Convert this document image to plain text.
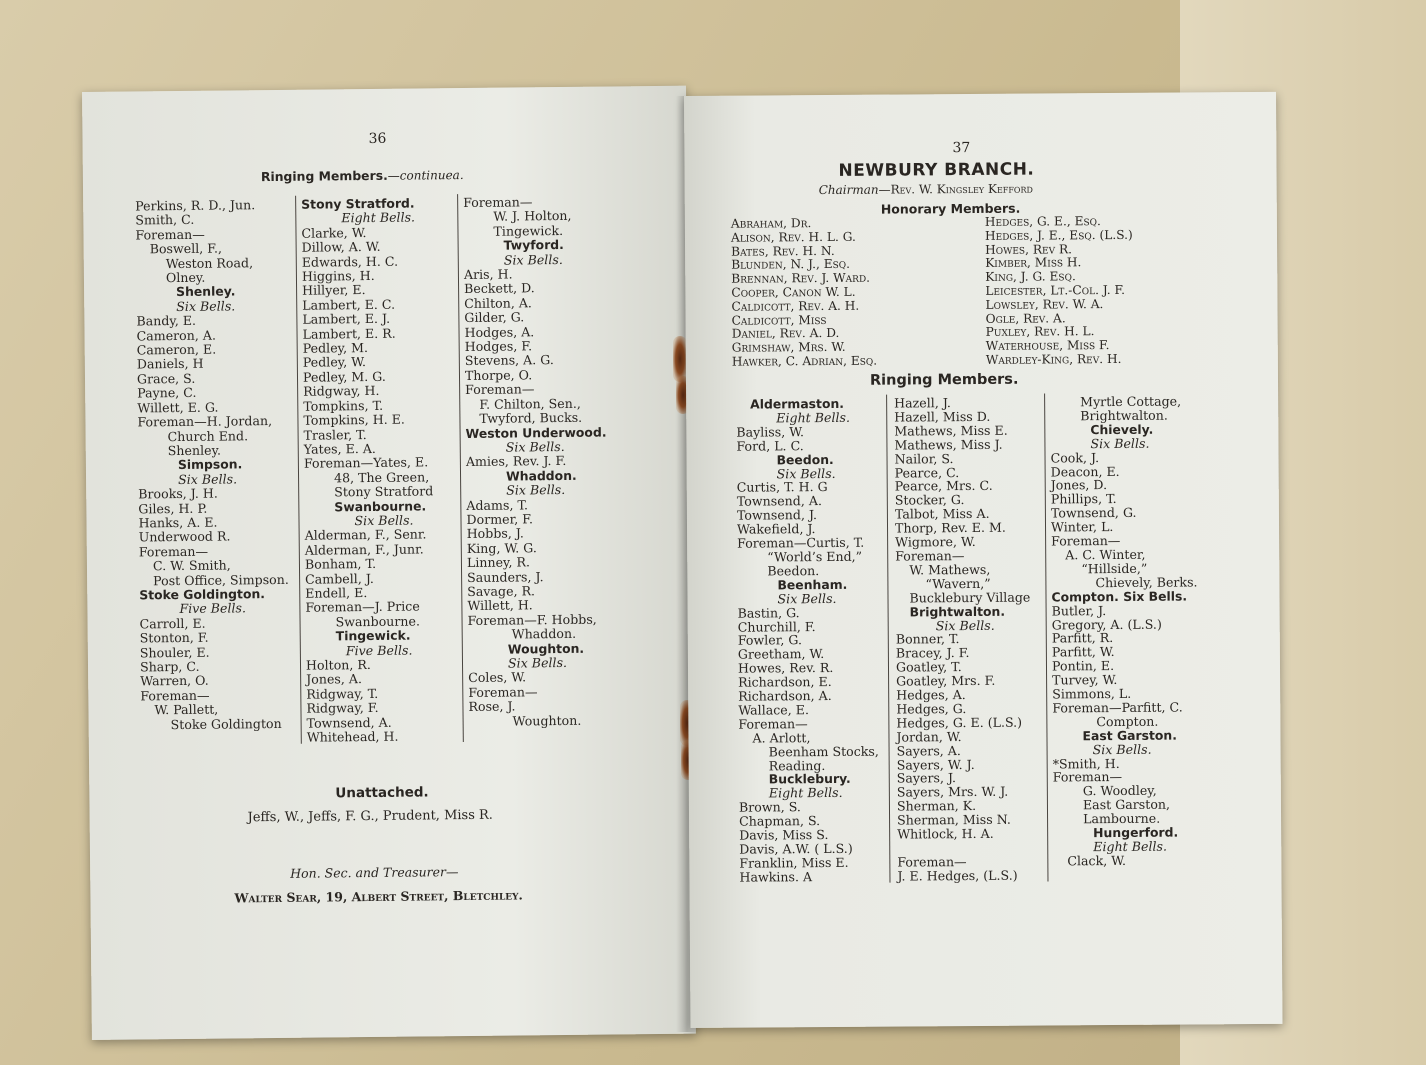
36
Ringing Members.—continuea.
Perkins, R. D., Jun.
Smith, C.
Foreman—
Boswell, F.,
Weston Road,
Olney.
Shenley.
Six Bells.
Bandy, E.
Cameron, A.
Cameron, E.
Daniels, H
Grace, S.
Payne, C.
Willett, E. G.
Foreman—H. Jordan,
Church End.
Shenley.
Simpson.
Six Bells.
Brooks, J. H.
Giles, H. P.
Hanks, A. E.
Underwood R.
Foreman—
C. W. Smith,
Post Office, Simpson.
Stoke Goldington.
Five Bells.
Carroll, E.
Stonton, F.
Shouler, E.
Sharp, C.
Warren, O.
Foreman—
W. Pallett,
Stoke Goldington
Stony Stratford.
Eight Bells.
Clarke, W.
Dillow, A. W.
Edwards, H. C.
Higgins, H.
Hillyer, E.
Lambert, E. C.
Lambert, E. J.
Lambert, E. R.
Pedley, M.
Pedley, W.
Pedley, M. G.
Ridgway, H.
Tompkins, T.
Tompkins, H. E.
Trasler, T.
Yates, E. A.
Foreman—Yates, E.
48, The Green,
Stony Stratford
Swanbourne.
Six Bells.
Alderman, F., Senr.
Alderman, F., Junr.
Bonham, T.
Cambell, J.
Endell, E.
Foreman—J. Price
Swanbourne.
Tingewick.
Five Bells.
Holton, R.
Jones, A.
Ridgway, T.
Ridgway, F.
Townsend, A.
Whitehead, H.
Foreman—
W. J. Holton,
Tingewick.
Twyford.
Six Bells.
Aris, H.
Beckett, D.
Chilton, A.
Gilder, G.
Hodges, A.
Hodges, F.
Stevens, A. G.
Thorpe, O.
Foreman—
F. Chilton, Sen.,
Twyford, Bucks.
Weston Underwood.
Six Bells.
Amies, Rev. J. F.
Whaddon.
Six Bells.
Adams, T.
Dormer, F.
Hobbs, J.
King, W. G.
Linney, R.
Saunders, J.
Savage, R.
Willett, H.
Foreman—F. Hobbs,
Whaddon.
Woughton.
Six Bells.
Coles, W.
Foreman—
Rose, J.
Woughton.
Unattached.
Jeffs, W., Jeffs, F. G., Prudent, Miss R.
Hon. Sec. and Treasurer—
Walter Sear, 19, Albert Street, Bletchley.
37
NEWBURY BRANCH.
Chairman—Rev. W. Kingsley Kefford
Honorary Members.
Abraham, Dr.
Alison, Rev. H. L. G.
Bates, Rev. H. N.
Blunden, N. J., Esq.
Brennan, Rev. J. Ward.
Cooper, Canon W. L.
Caldicott, Rev. A. H.
Caldicott, Miss
Daniel, Rev. A. D.
Grimshaw, Mrs. W.
Hawker, C. Adrian, Esq.
Hedges, G. E., Esq.
Hedges, J. E., Esq. (L.S.)
Howes, Rev R.
Kimber, Miss H.
King, J. G. Esq.
Leicester, Lt.-Col. J. F.
Lowsley, Rev. W. A.
Ogle, Rev. A.
Puxley, Rev. H. L.
Waterhouse, Miss F.
Wardley-King, Rev. H.
Ringing Members.
Aldermaston.
Eight Bells.
Bayliss, W.
Ford, L. C.
Beedon.
Six Bells.
Curtis, T. H. G
Townsend, A.
Townsend, J.
Wakefield, J.
Foreman—Curtis, T.
“World’s End,”
Beedon.
Beenham.
Six Bells.
Bastin, G.
Churchill, F.
Fowler, G.
Greetham, W.
Howes, Rev. R.
Richardson, E.
Richardson, A.
Wallace, E.
Foreman—
A. Arlott,
Beenham Stocks,
Reading.
Bucklebury.
Eight Bells.
Brown, S.
Chapman, S.
Davis, Miss S.
Davis, A.W. ( L.S.)
Franklin, Miss E.
Hawkins. A
Hazell, J.
Hazell, Miss D.
Mathews, Miss E.
Mathews, Miss J.
Nailor, S.
Pearce, C.
Pearce, Mrs. C.
Stocker, G.
Talbot, Miss A.
Thorp, Rev. E. M.
Wigmore, W.
Foreman—
W. Mathews,
“Wavern,”
Bucklebury Village
Brightwalton.
Six Bells.
Bonner, T.
Bracey, J. F.
Goatley, T.
Goatley, Mrs. F.
Hedges, A.
Hedges, G.
Hedges, G. E. (L.S.)
Jordan, W.
Sayers, A.
Sayers, W. J.
Sayers, J.
Sayers, Mrs. W. J.
Sherman, K.
Sherman, Miss N.
Whitlock, H. A.

Foreman—
J. E. Hedges, (L.S.)
Myrtle Cottage,
Brightwalton.
Chievely.
Six Bells.
Cook, J.
Deacon, E.
Jones, D.
Phillips, T.
Townsend, G.
Winter, L.
Foreman—
A. C. Winter,
“Hillside,”
Chievely, Berks.
Compton. Six Bells.
Butler, J.
Gregory, A. (L.S.)
Parfitt, R.
Parfitt, W.
Pontin, E.
Turvey, W.
Simmons, L.
Foreman—Parfitt, C.
Compton.
East Garston.
Six Bells.
*Smith, H.
Foreman—
G. Woodley,
East Garston,
Lambourne.
Hungerford.
Eight Bells.
Clack, W.
